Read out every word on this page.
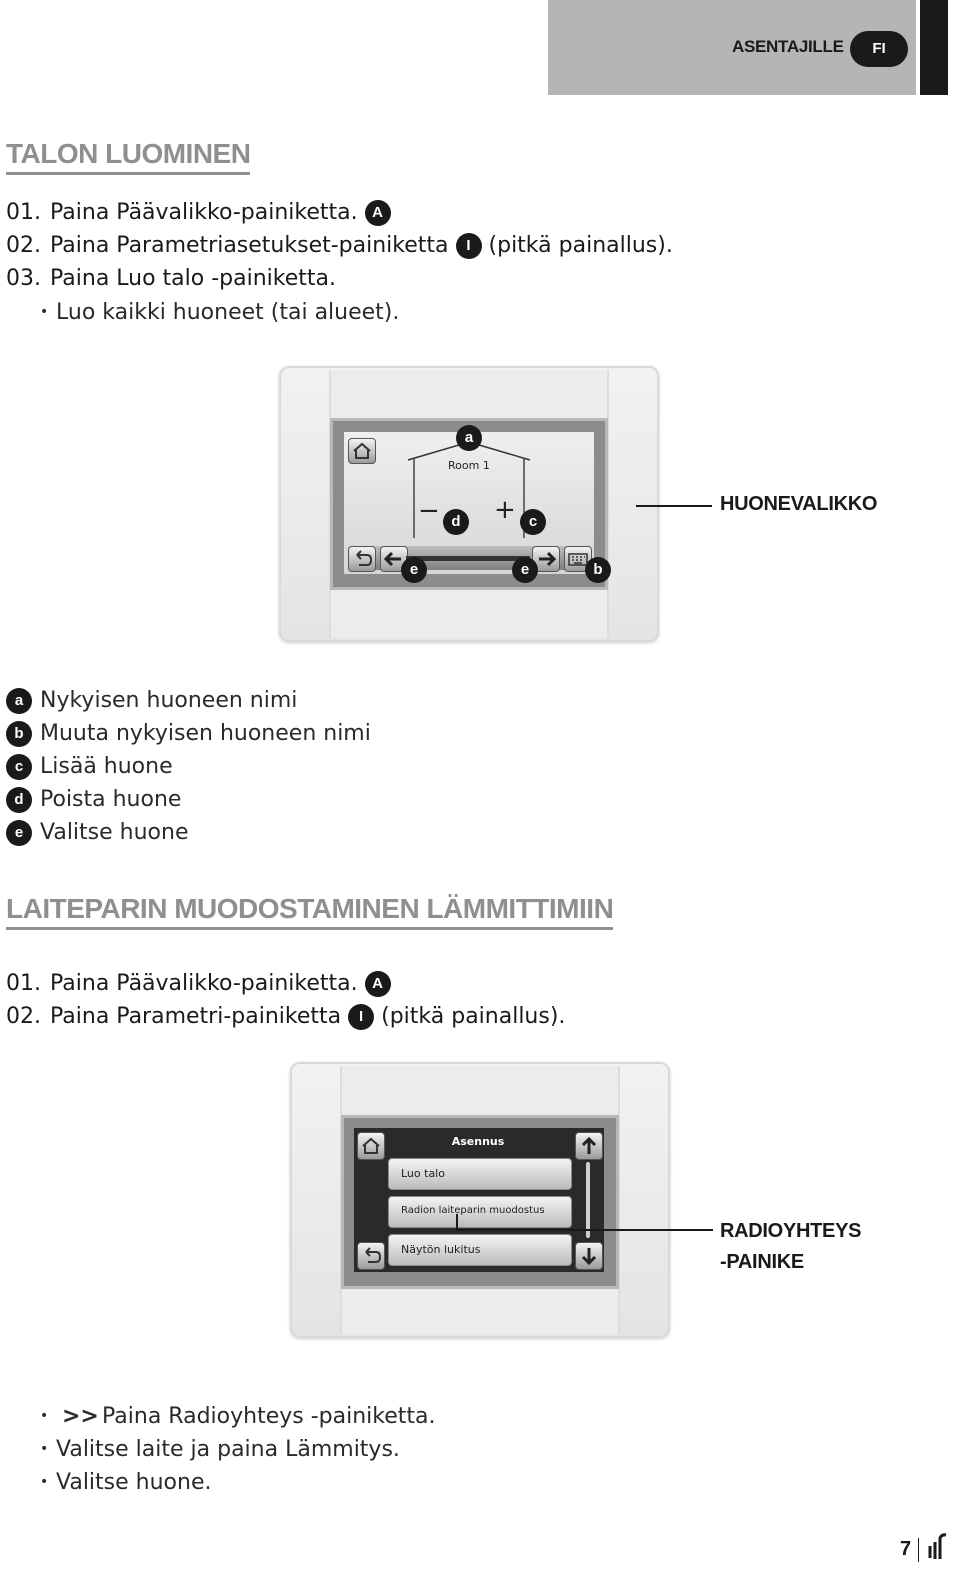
ASENTAJILLE	FI
TALON LUOMINEN
01. Paina Päävalikko-painiketta. A
02. Paina Parametriasetukset-painiketta I (pitkä painallus).
03. Paina Luo talo -painiketta.
• Luo kaikki huoneet (tai alueet).
Room 1
− +
a
d	c
e	e	b
HUONEVALIKKO
a Nykyisen huoneen nimi
b Muuta nykyisen huoneen nimi
c Lisää huone
d Poista huone
e Valitse huone
LAITEPARIN MUODOSTAMINEN LÄMMITTIMIIN
01. Paina Päävalikko-painiketta. A
02. Paina Parametri-painiketta I (pitkä painallus).
Asennus
Luo talo
Radion laiteparin muodostus
Näytön lukitus
RADIOYHTEYS
-PAINIKE
• >> Paina Radioyhteys -painiketta.
• Valitse laite ja paina Lämmitys.
• Valitse huone.
7
